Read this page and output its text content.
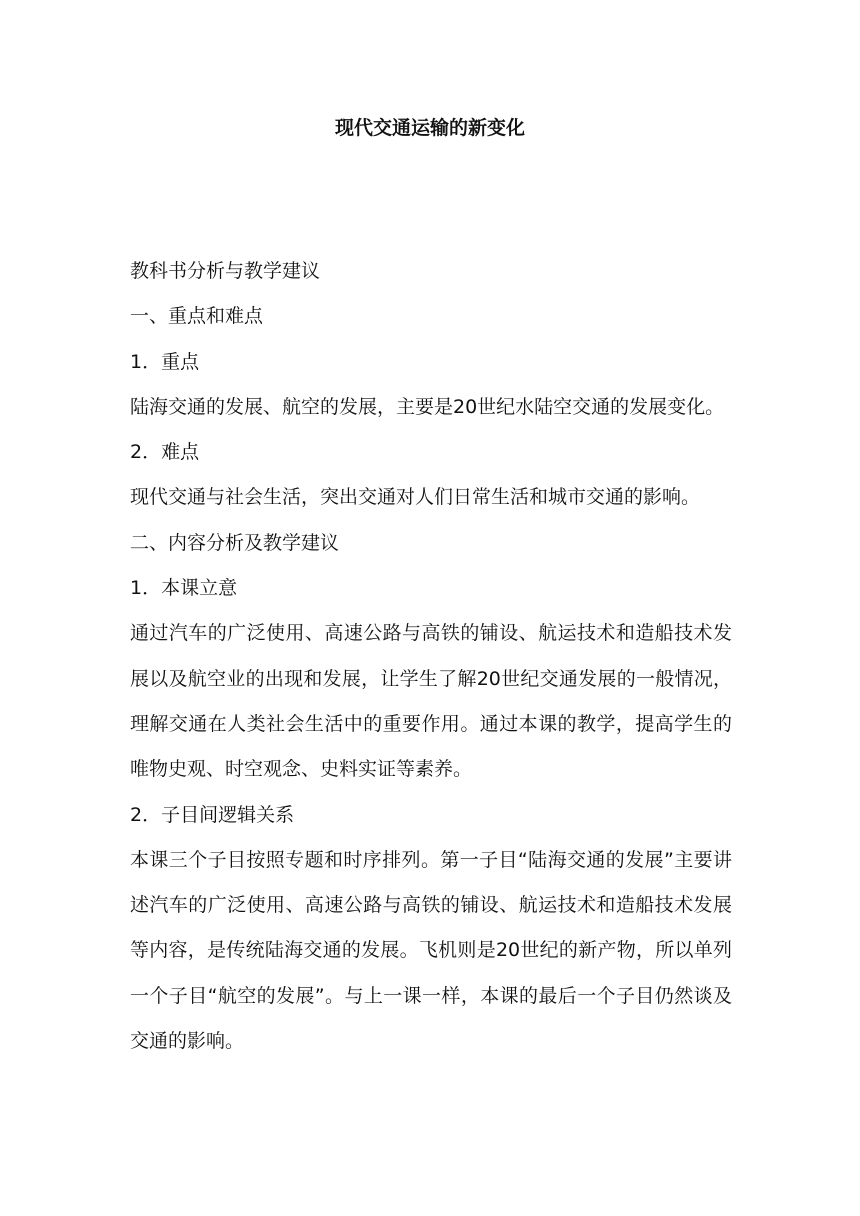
现代交通运输的新变化

教科书分析与教学建议

一、重点和难点

1．重点

陆海交通的发展、航空的发展，主要是20世纪水陆空交通的发展变化。

2．难点

现代交通与社会生活，突出交通对人们日常生活和城市交通的影响。

二、内容分析及教学建议

1．本课立意

通过汽车的广泛使用、高速公路与高铁的铺设、航运技术和造船技术发展以及航空业的出现和发展，让学生了解20世纪交通发展的一般情况，理解交通在人类社会生活中的重要作用。通过本课的教学，提高学生的唯物史观、时空观念、史料实证等素养。

2．子目间逻辑关系

本课三个子目按照专题和时序排列。第一子目“陆海交通的发展”主要讲述汽车的广泛使用、高速公路与高铁的铺设、航运技术和造船技术发展等内容，是传统陆海交通的发展。飞机则是20世纪的新产物，所以单列一个子目“航空的发展”。与上一课一样，本课的最后一个子目仍然谈及交通的影响。
